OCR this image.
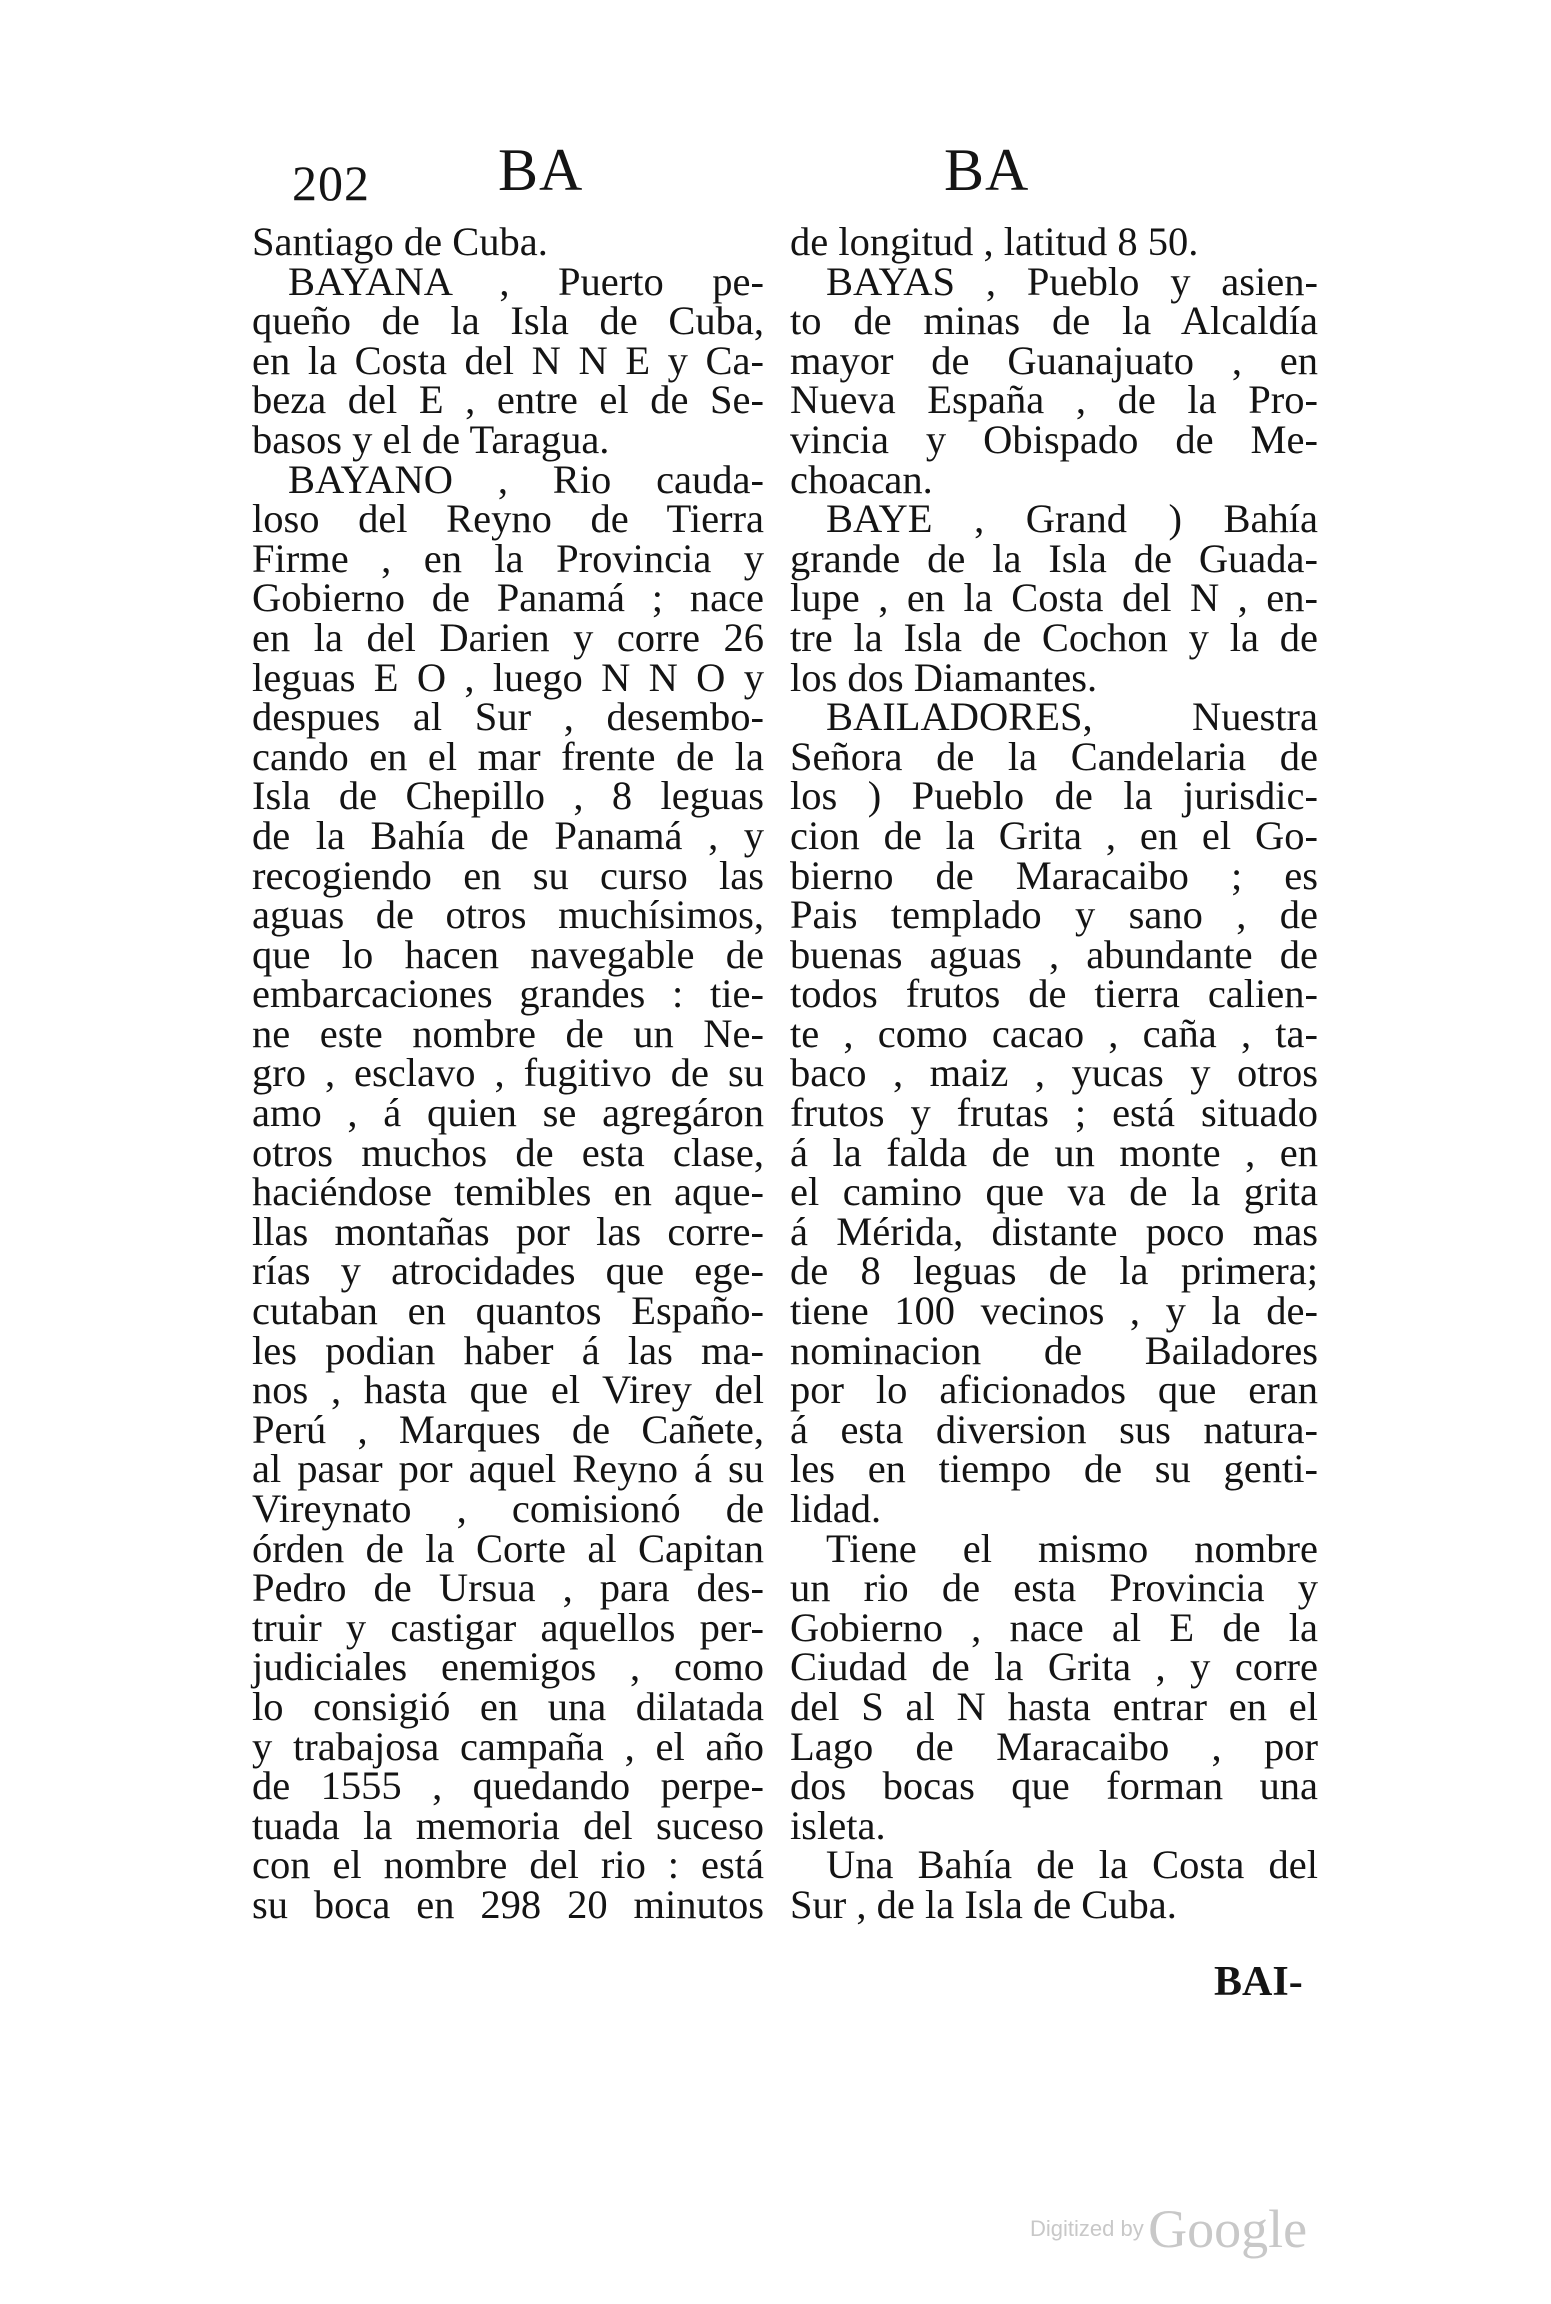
202 BA	BA
Santiago de Cuba.
BAYANA , Puerto pe-
queño de la Isla de Cuba,
en la Costa del N N E y Ca-
beza del E , entre el de Se-
basos y el de Taragua.
BAYANO , Rio cauda-
loso del Reyno de Tierra
Firme , en la Provincia y
Gobierno de Panamá ; nace
en la del Darien y corre 26
leguas E O , luego N N O y
despues al Sur , desembo-
cando en el mar frente de la
Isla de Chepillo , 8 leguas
de la Bahía de Panamá , y
recogiendo en su curso las
aguas de otros muchísimos,
que lo hacen navegable de
embarcaciones grandes : tie-
ne este nombre de un Ne-
gro , esclavo , fugitivo de su
amo , á quien se agregáron
otros muchos de esta clase,
haciéndose temibles en aque-
llas montañas por las corre-
rías y atrocidades que ege-
cutaban en quantos Españo-
les podian haber á las ma-
nos , hasta que el Virey del
Perú , Marques de Cañete,
al pasar por aquel Reyno á su
Vireynato , comisionó de
órden de la Corte al Capitan
Pedro de Ursua , para des-
truir y castigar aquellos per-
judiciales enemigos , como
lo consigió en una dilatada
y trabajosa campaña , el año
de 1555 , quedando perpe-
tuada la memoria del suceso
con el nombre del rio : está
su boca en 298 20 minutos
de longitud , latitud 8 50.
BAYAS , Pueblo y asien-
to de minas de la Alcaldía
mayor de Guanajuato , en
Nueva España , de la Pro-
vincia y Obispado de Me-
choacan.
BAYE , Grand ) Bahía
grande de la Isla de Guada-
lupe , en la Costa del N , en-
tre la Isla de Cochon y la de
los dos Diamantes.
BAILADORES, Nuestra
Señora de la Candelaria de
los ) Pueblo de la jurisdic-
cion de la Grita , en el Go-
bierno de Maracaibo ; es
Pais templado y sano , de
buenas aguas , abundante de
todos frutos de tierra calien-
te , como cacao , caña , ta-
baco , maiz , yucas y otros
frutos y frutas ; está situado
á la falda de un monte , en
el camino que va de la grita
á Mérida, distante poco mas
de 8 leguas de la primera;
tiene 100 vecinos , y la de-
nominacion de Bailadores
por lo aficionados que eran
á esta diversion sus natura-
les en tiempo de su genti-
lidad.
Tiene el mismo nombre
un rio de esta Provincia y
Gobierno , nace al E de la
Ciudad de la Grita , y corre
del S al N hasta entrar en el
Lago de Maracaibo , por
dos bocas que forman una
isleta.
Una Bahía de la Costa del
Sur , de la Isla de Cuba.
BAI-
Digitized by Google
